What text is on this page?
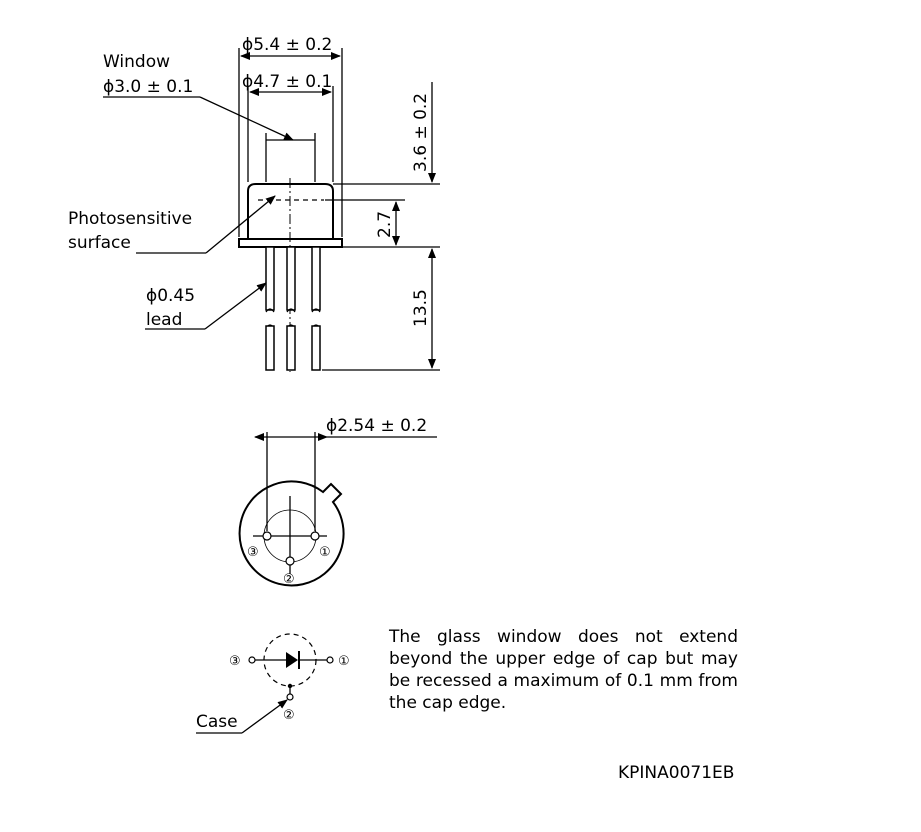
ϕ5.4 ± 0.2
ϕ4.7 ± 0.1
Window
ϕ3.0 ± 0.1
Photosensitive
surface
ϕ0.45
lead
3.6 ± 0.2
2.7
13.5
ϕ2.54 ± 0.2
③	①
②
③	①
②
Case

The glass window does not extend beyond the upper edge of cap but may be recessed a maximum of 0.1 mm from the cap edge.

KPINA0071EB
